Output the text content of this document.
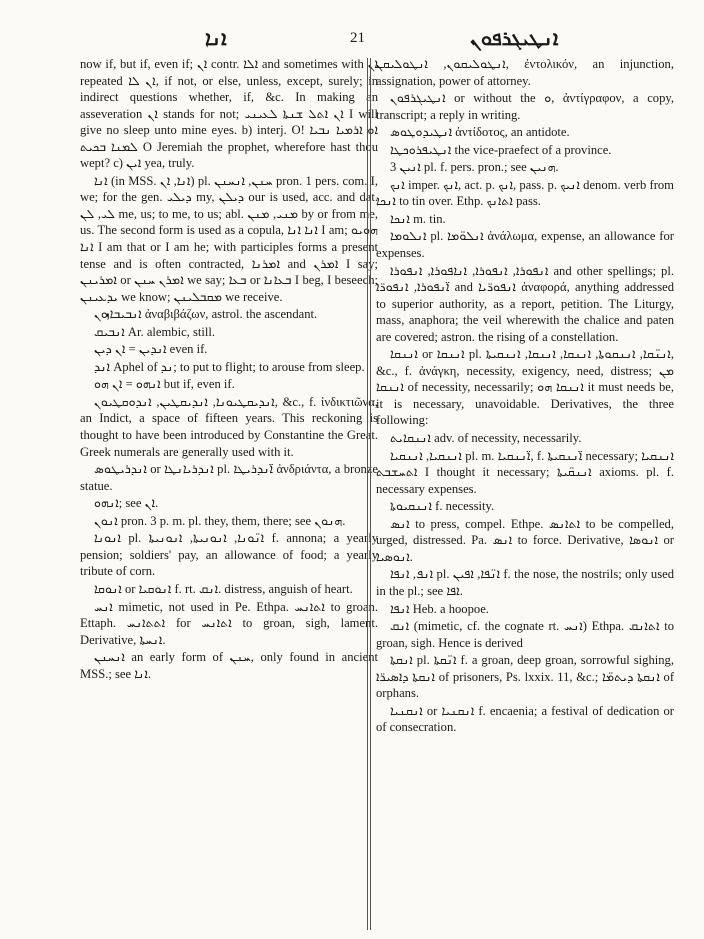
ܐܢܐ	21	ܐܢܛܝܓܪܦܘܢ

now if, but if, even if; ܐܢ contr. ܐܠܐ and sometimes with ܐܢ repeated ܐܢ ܠܐ, if not, or else, unless, except, surely; in indirect questions whether, if, &c. In making an asseveration ܐܢ stands for not; ܐܢ ܐܬܠ ܫܢܬܐ ܠܥܝܢܝ I will give no sleep unto mine eyes. b) interj. O! ܐܘ ܐܪܡܝܐ ܢܒܝܐ ܠܡܢܐ ܒܟܝܬ O Jeremiah the prophet, wherefore hast thou wept? c) ܐܝܢ yea, truly.

ܐܢܐ (in MSS. ܐܢܐ, ܐܢ) pl. ܚܢܢ, ܐܢܚܢܢ pron. 1 pers. com. I, we; for the gen. ܕܝܠܝ my, ܕܝܠܢ our is used, acc. and dat. ܠܝ, ܠܢ me, us; to me, to us; abl. ܡܢܝ, ܡܢܢ by or from me, us. The second form is used as a copula, ܐܢܐ ܐܢܐ I am; ܗܘܝܘ ܐܢܐ I am that or I am he; with participles forms a present tense and is often contracted, ܐܡܪܢܐ and ܐܡܪܢ I say; ܐܡܪܝܢܢ or ܐܡܪܢ ܚܢܢ we say; ܒܥܐ or ܒܥܐܢܐ I beg, I beseech; ܝܕܥܝܢܢ we know; ܡܩܒܠܝܢܢ we receive.

ܐܢܒܝܒܐܙܘܢ ἀναβιβάζων, astrol. the ascendant.

ܐܢܒܝܩ Ar. alembic, still.

ܐܢܕܝܢ = ܐܢ ܕܝܢ even if.

ܐܢܕ Aphel of ܢܕ; to put to flight; to arouse from sleep.

ܐܢܗܘ = ܐܢ ܗܘ but if, even if.

ܐܢܕܝܩܛܝܘܢܐ, ܐܢܕܝܩܛܝܢ, ܐܢܕܘܩܛܝܘܢ, &c., f. ἰνδικτιῶνα, an Indict, a space of fifteen years. This reckoning is thought to have been introduced by Constantine the Great. Greek numerals are generally used with it.

ܐܢܕܪܝܛܘܣ or ܐܢܕܪܝܐܢܛܐ pl. ܐ̈ܢܕܪܝܛܐ ἀνδριάντα, a bronze statue.

ܐܢܗܘ; see ܐܢ.

ܐܢܘܢ pron. 3 p. m. pl. they, them, there; see ܗܢܘܢ.

ܐܢܘܢܐ pl. ܐܢ̈ܘܢܐ, ܐܢܘܢܝܬܐ, ܐܢܘܢܝܬܐ f. annona; a yearly pension; soldiers' pay, an allowance of food; a yearly tribute of corn.

ܐܢܘܩܐ or ܐܢܘܩܝܐ f. rt. ܐܢܩ. distress, anguish of heart.

ܐܢܚ mimetic, not used in Pe. Ethpa. ܐܬܐܢܚ to groan. Ettaph. ܐܬܬܐܢܚ for ܐܬܐܢܚ to groan, sigh, lament. Derivative, ܐܢܚܬܐ.

ܐܢܚܢܢ an early form of ܚܢܢ, only found in ancient MSS.; see ܐܢܐ.

ܐܢܛܘܠܝܩܘܢ, ܐܢܛܘܠܝܩܢ, ἐντολικόν, an injunction, assignation, power of attorney.

ܐܢܛܝܓܪܦܘܢ or without the ܘ, ἀντίγραφον, a copy, transcript; a reply in writing.

ܐܢܛܝܕܘܛܘܣ ἀντίδοτος, an antidote.

ܐܢܛܝܦܪܘܟܛܐ the vice-praefect of a province.

ܐܢܝܢ 3 pl. f. pers. pron.; see ܗܢܝܢ.

ܐܢܟ imper. ܐܢܟ, act. p. ܐܢܟ, pass. p. ܐܢܝܟ denom. verb from ܐܢܟܐ to tin over. Ethp. ܐܬܐܢܟ pass.

ܐܢܟܐ m. tin.

ܐܢܠܘܡܐ pl. ܐܢܠܘ̈ܡܐ ἀνάλωμα, expense, an allowance for expenses.

ܐܢܦܘܪܐ, ܐܢܦܘܪܐ, ܐܢܐܦܘܪܐ, ܐܢܦܘܪܐ and other spellings; pl. ܐ̈ܢܦܘܪܐ, ܐܢܦܘܪ̈ܐ and ܐܢܦܘܪ̈ܝܐ ἀναφορά, anything addressed to superior authority, as a report, petition. The Liturgy, mass, anaphora; the veil wherewith the chalice and paten are covered; astron. the rising of a constellation.

ܐܢܢܩܐ or ܐܢܢܩܐ pl. ܐܢܢ̈ܩܐ, ܐܢܢܩܘܬܐ, ܐܢܢܩܐ, ܐܢܢܩܐ, ܐܢܢܩܝܬܐ, &c., f. ἀνάγκη, necessity, exigency, need, distress; ܡܢ ܐܢܢܩܐ of necessity, necessarily; ܐܢܢܩܐ ܗܘ it must needs be, it is necessary, unavoidable. Derivatives, the three following:

ܐܢܢܩܐܝܬ adv. of necessity, necessarily.

ܐܢܢܩܝܐ, ܐܢܢܩܝܐ pl. m. ܐ̈ܢܢܩܝܐ, f. ܐ̈ܢܢܩܝܬܐ necessary; ܐܢܢܩܝܐ ܐܬܚܫܒܬ I thought it necessary; ܐܢܢܩ̈ܝܬܐ axioms. pl. f. necessary expenses.

ܐܢܢܩܝܘܬܐ f. necessity.

ܐܢܣ to press, compel. Ethpe. ܐܬܐܢܣ to be compelled, urged, distressed. Pa. ܐܢܣ to force. Derivative, ܐܢܘܣܐ or ܐܢܘܣܝܐ.

ܐܢܦ, ܐܢܦܐ pl. ܐܢ̈ܦܐ, ܐܦܝܢ f. the nose, the nostrils; only used in the pl.; see ܐܦܐ.

ܐܢܦܐ Heb. a hoopoe.

ܐܢܩ (mimetic, cf. the cognate rt. ܐܢܚ) Ethpa. ܐܬܐܢܩ to groan, sigh. Hence is derived

ܐܢܩܬܐ pl. ܐܢ̈ܩܬܐ f. a groan, deep groan, sorrowful sighing, ܐܢܩܬܐ ܕܐܣܝܪ̈ܐ of prisoners, Ps. lxxix. 11, &c.; ܐܢܩܬܐ ܕܝܬܡ̈ܐ of orphans.

ܐܢܩܢܝܐ or ܐܢܩܢܝܐ f. encaenia; a festival of dedication or of consecration.
